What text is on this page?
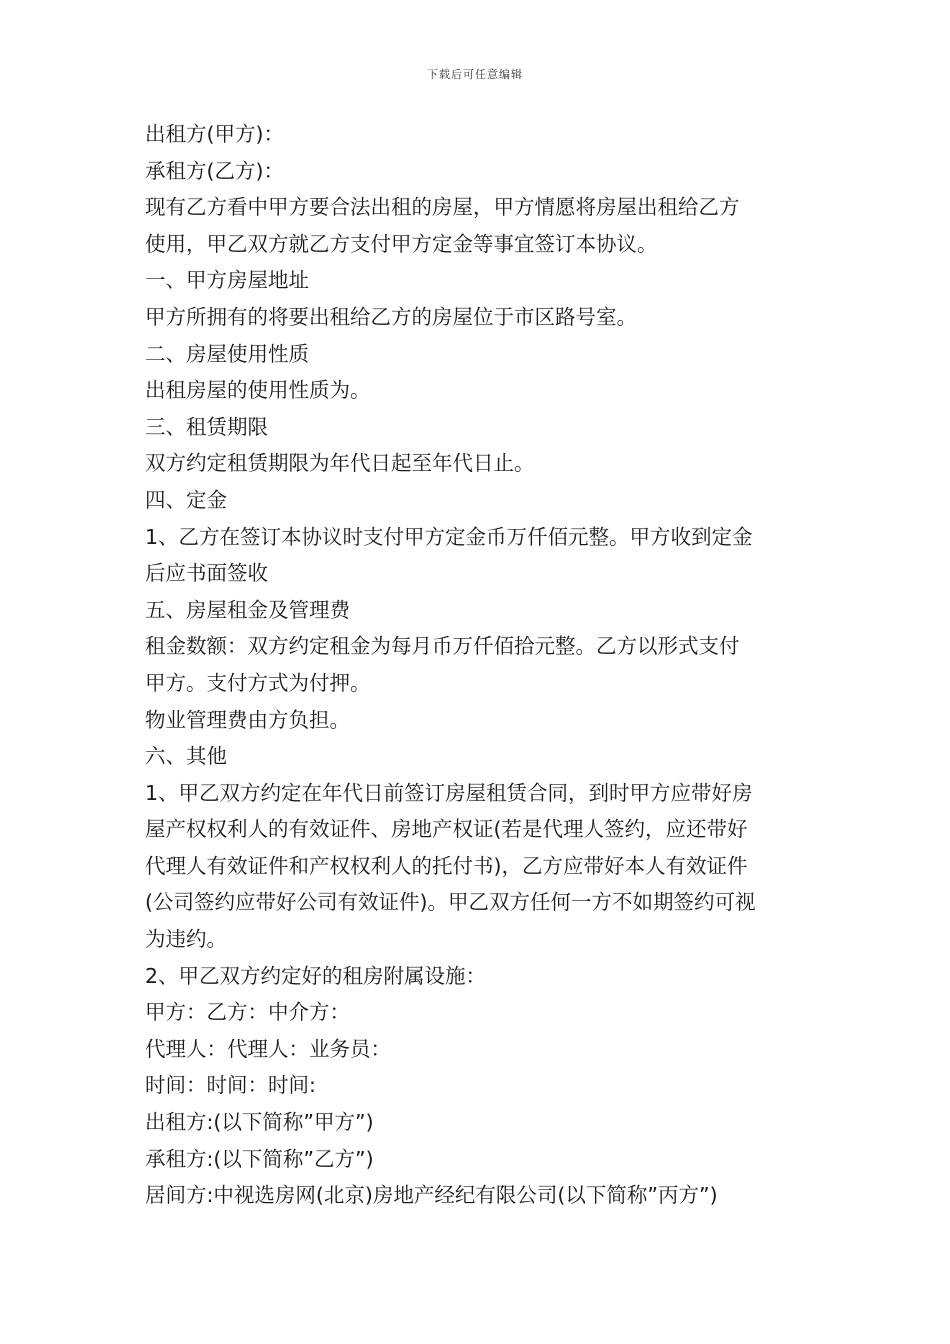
下载后可任意编辑
出租方(甲方)：
承租方(乙方)：
现有乙方看中甲方要合法出租的房屋，甲方情愿将房屋出租给乙方
使用，甲乙双方就乙方支付甲方定金等事宜签订本协议。
一、甲方房屋地址
甲方所拥有的将要出租给乙方的房屋位于市区路号室。
二、房屋使用性质
出租房屋的使用性质为。
三、租赁期限
双方约定租赁期限为年代日起至年代日止。
四、定金
1、乙方在签订本协议时支付甲方定金币万仟佰元整。甲方收到定金
后应书面签收
五、房屋租金及管理费
租金数额：双方约定租金为每月币万仟佰拾元整。乙方以形式支付
甲方。支付方式为付押。
物业管理费由方负担。
六、其他
1、甲乙双方约定在年代日前签订房屋租赁合同，到时甲方应带好房
屋产权权利人的有效证件、房地产权证(若是代理人签约，应还带好
代理人有效证件和产权权利人的托付书)，乙方应带好本人有效证件
(公司签约应带好公司有效证件)。甲乙双方任何一方不如期签约可视
为违约。
2、甲乙双方约定好的租房附属设施：
甲方：乙方：中介方：
代理人：代理人：业务员：
时间：时间：时间:
出租方:(以下简称”甲方”)
承租方:(以下简称”乙方”)
居间方:中视选房网(北京)房地产经纪有限公司(以下简称”丙方”)
